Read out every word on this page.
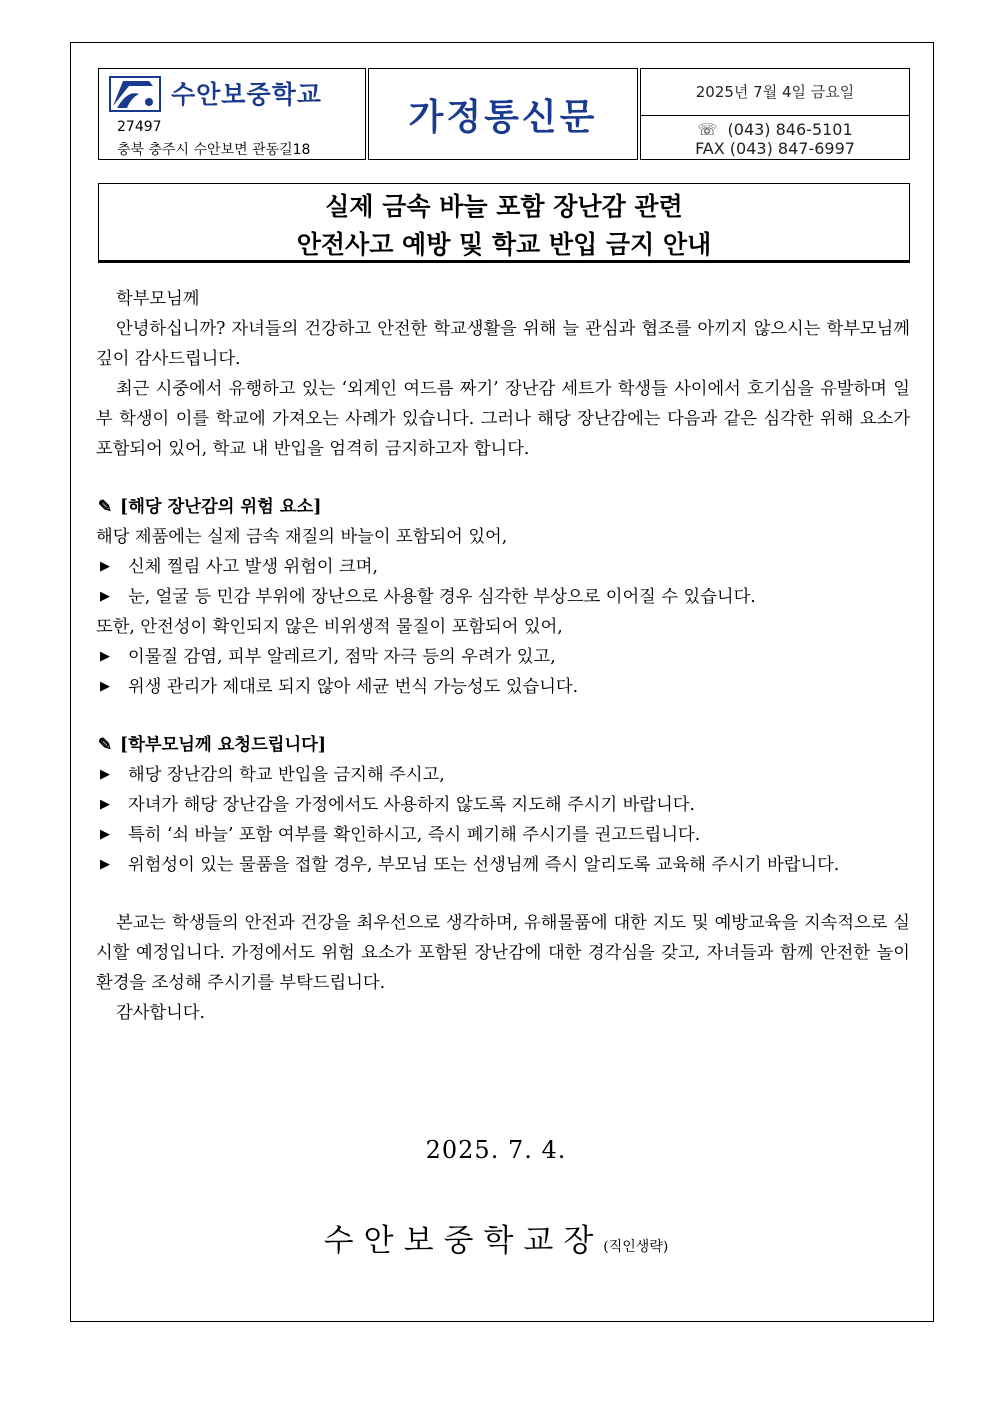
수안보중학교
27497
충북 충주시 수안보면 관동길18
가정통신문
2025년 7월 4일 금요일
☏ (043) 846-5101
FAX (043) 847-6997
실제 금속 바늘 포함 장난감 관련
안전사고 예방 및 학교 반입 금지 안내

학부모님께

안녕하십니까? 자녀들의 건강하고 안전한 학교생활을 위해 늘 관심과 협조를 아끼지 않으시는 학부모님께 깊이 감사드립니다.

최근 시중에서 유행하고 있는 ‘외계인 여드름 짜기’ 장난감 세트가 학생들 사이에서 호기심을 유발하며 일부 학생이 이를 학교에 가져오는 사례가 있습니다. 그러나 해당 장난감에는 다음과 같은 심각한 위해 요소가 포함되어 있어, 학교 내 반입을 엄격히 금지하고자 합니다.

✎ [해당 장난감의 위험 요소]

해당 제품에는 실제 금속 재질의 바늘이 포함되어 있어,

▶	신체 찔림 사고 발생 위험이 크며,
▶	눈, 얼굴 등 민감 부위에 장난으로 사용할 경우 심각한 부상으로 이어질 수 있습니다.

또한, 안전성이 확인되지 않은 비위생적 물질이 포함되어 있어,

▶	이물질 감염, 피부 알레르기, 점막 자극 등의 우려가 있고,
▶	위생 관리가 제대로 되지 않아 세균 번식 가능성도 있습니다.

✎ [학부모님께 요청드립니다]

▶	해당 장난감의 학교 반입을 금지해 주시고,
▶	자녀가 해당 장난감을 가정에서도 사용하지 않도록 지도해 주시기 바랍니다.
▶	특히 ‘쇠 바늘’ 포함 여부를 확인하시고, 즉시 폐기해 주시기를 권고드립니다.
▶	위험성이 있는 물품을 접할 경우, 부모님 또는 선생님께 즉시 알리도록 교육해 주시기 바랍니다.

본교는 학생들의 안전과 건강을 최우선으로 생각하며, 유해물품에 대한 지도 및 예방교육을 지속적으로 실시할 예정입니다. 가정에서도 위험 요소가 포함된 장난감에 대한 경각심을 갖고, 자녀들과 함께 안전한 놀이 환경을 조성해 주시기를 부탁드립니다.

감사합니다.

2025. 7. 4.
수안보중학교장(직인생략)
